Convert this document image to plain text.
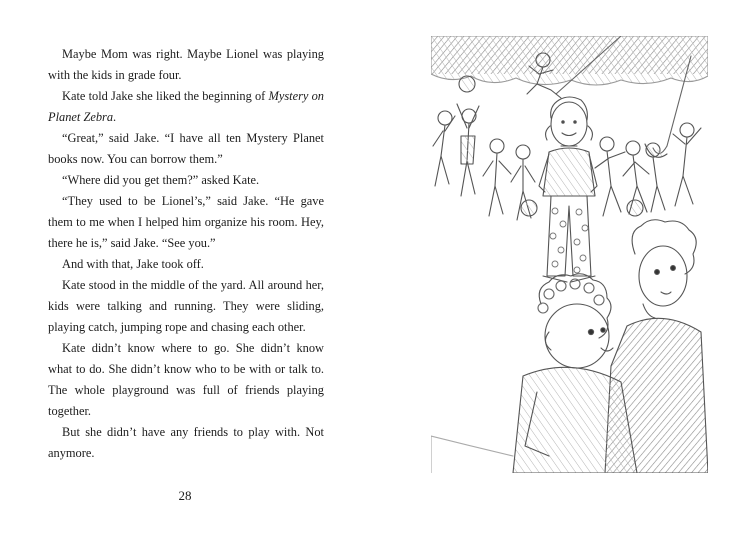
Maybe Mom was right. Maybe Lionel was playing with the kids in grade four.

Kate told Jake she liked the beginning of Mystery on Planet Zebra.

“Great,” said Jake. “I have all ten Mystery Planet books now. You can borrow them.”

“Where did you get them?” asked Kate.

“They used to be Lionel’s,” said Jake. “He gave them to me when I helped him organize his room. Hey, there he is,” said Jake. “See you.”

And with that, Jake took off.

Kate stood in the middle of the yard. All around her, kids were talking and running. They were sliding, playing catch, jumping rope and chasing each other.

Kate didn’t know where to go. She didn’t know what to do. She didn’t know who to be with or talk to. The whole playground was full of friends playing together.

But she didn’t have any friends to play with. Not anymore.

28
